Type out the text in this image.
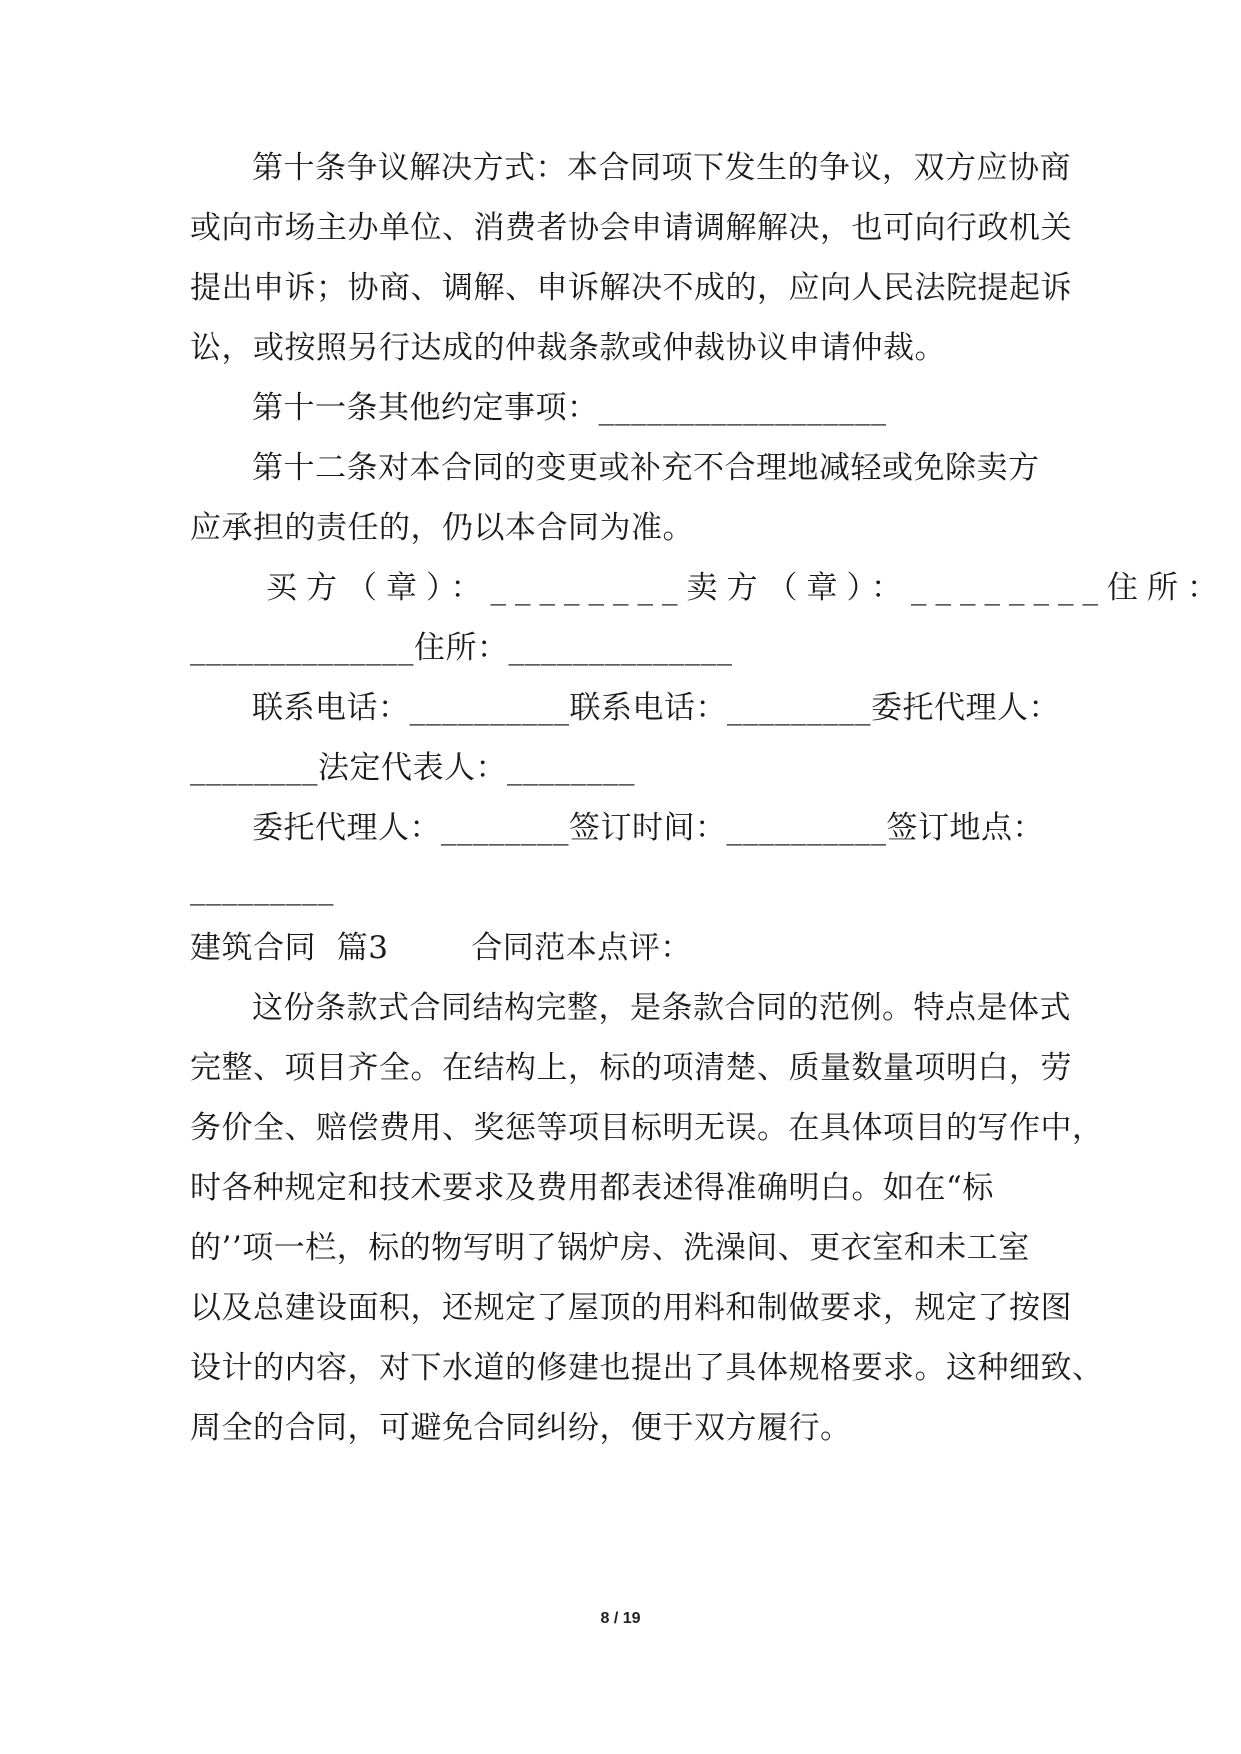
第十条争议解决方式：本合同项下发生的争议，双方应协商
或向市场主办单位、消费者协会申请调解解决，也可向行政机关
提出申诉；协商、调解、申诉解决不成的，应向人民法院提起诉
讼，或按照另行达成的仲裁条款或仲裁协议申请仲裁。
第十一条其他约定事项：__________________
第十二条对本合同的变更或补充不合理地减轻或免除卖方
应承担的责任的，仍以本合同为准。
买方（章）：________卖方（章）：________住所：
______________住所：______________
联系电话：__________联系电话：_________委托代理人：
________法定代表人：________
委托代理人：________签订时间：__________签订地点：
_________
建筑合同  篇3        合同范本点评：
这份条款式合同结构完整，是条款合同的范例。特点是体式
完整、项目齐全。在结构上，标的项清楚、质量数量项明白，劳
务价全、赔偿费用、奖惩等项目标明无误。在具体项目的写作中，
时各种规定和技术要求及费用都表述得准确明白。如在“标
的’’项一栏，标的物写明了锅炉房、洗澡间、更衣室和未工室
以及总建设面积，还规定了屋顶的用料和制做要求，规定了按图
设计的内容，对下水道的修建也提出了具体规格要求。这种细致、
周全的合同，可避免合同纠纷，便于双方履行。
8 / 19
